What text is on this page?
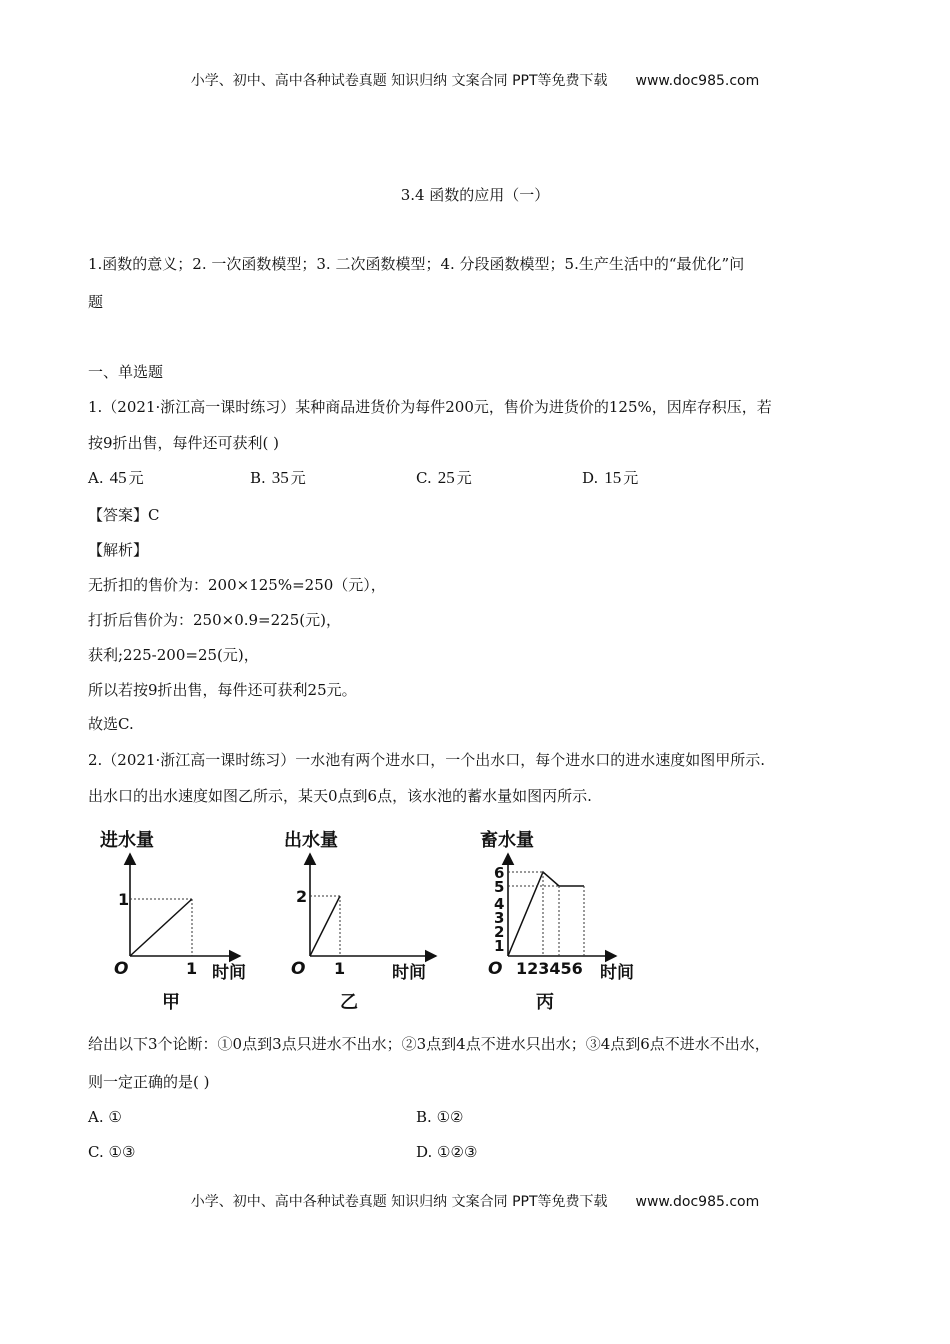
小学、初中、高中各种试卷真题 知识归纳 文案合同 PPT等免费下载 www.doc985.com
3.4 函数的应用（一）
1.函数的意义；2. 一次函数模型；3. 二次函数模型；4. 分段函数模型；5.生产生活中的“最优化”问
题
一、单选题
1.（2021·浙江高一课时练习）某种商品进货价为每件200元，售价为进货价的125%，因库存积压，若
按9折出售，每件还可获利( )
A. 45 元	B. 35 元	C. 25 元	D. 15 元
【答案】C
【解析】
无折扣的售价为：200×125%=250（元），
打折后售价为：250×0.9=225(元)，
获利;225-200=25(元)，
所以若按9折出售，每件还可获利25元。
故选C.
2.（2021·浙江高一课时练习）一水池有两个进水口，一个出水口，每个进水口的进水速度如图甲所示.
出水口的出水速度如图乙所示，某天0点到6点，该水池的蓄水量如图丙所示.
进水量
1
1
O	时间
甲
出水量
2
1
O	时间
乙
畜水量
1
2
3
4
5
6
123456
O	时间
丙
给出以下3个论断：①0点到3点只进水不出水；②3点到4点不进水只出水；③4点到6点不进水不出水，
则一定正确的是( )
A. ①	B. ①②
C. ①③	D. ①②③
小学、初中、高中各种试卷真题 知识归纳 文案合同 PPT等免费下载 www.doc985.com
